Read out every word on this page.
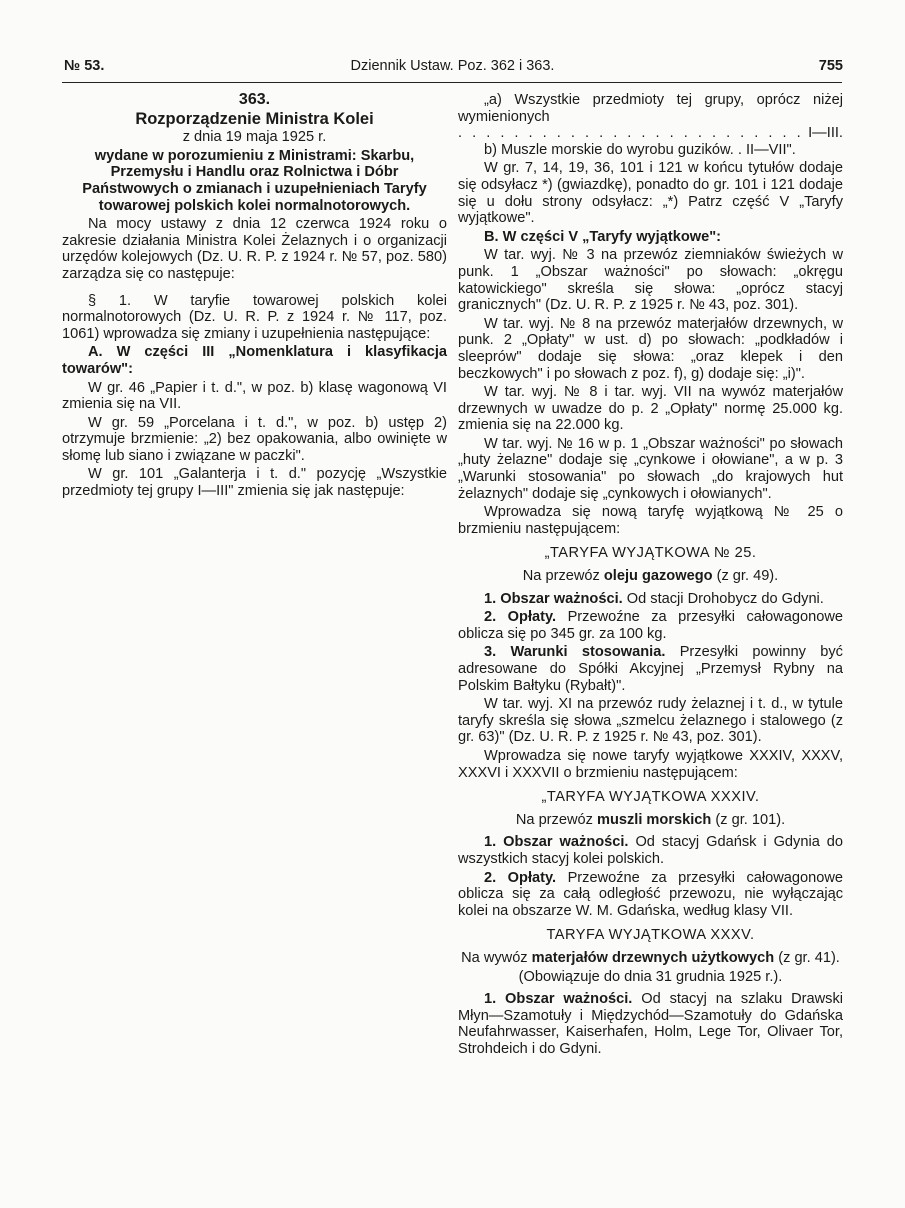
№ 53.	Dziennik Ustaw. Poz. 362 i 363.	755

363.

Rozporządzenie Ministra Kolei

z dnia 19 maja 1925 r.

wydane w porozumieniu z Ministrami: Skarbu, Przemysłu i Handlu oraz Rolnictwa i Dóbr Państwowych o zmianach i uzupełnieniach Taryfy towarowej polskich kolei normalnotorowych.

Na mocy ustawy z dnia 12 czerwca 1924 roku o zakresie działania Ministra Kolei Żelaznych i o organizacji urzędów kolejowych (Dz. U. R. P. z 1924 r. № 57, poz. 580) zarządza się co następuje:

§ 1. W taryfie towarowej polskich kolei normalnotorowych (Dz. U. R. P. z 1924 r. № 117, poz. 1061) wprowadza się zmiany i uzupełnienia następujące:

A. W części III „Nomenklatura i klasyfikacja towarów":

W gr. 46 „Papier i t. d.", w poz. b) klasę wagonową VI zmienia się na VII.

W gr. 59 „Porcelana i t. d.", w poz. b) ustęp 2) otrzymuje brzmienie: „2) bez opakowania, albo owinięte w słomę lub siano i związane w paczki".

W gr. 101 „Galanterja i t. d." pozycję „Wszystkie przedmioty tej grupy I—III" zmienia się jak następuje:

„a) Wszystkie przedmioty tej grupy, oprócz niżej wymienionych
. . .
I—III.

b) Muszle morskie do wyrobu guzików. . II—VII".

W gr. 7, 14, 19, 36, 101 i 121 w końcu tytułów dodaje się odsyłacz *) (gwiazdkę), ponadto do gr. 101 i 121 dodaje się u dołu strony odsyłacz: „*) Patrz część V „Taryfy wyjątkowe".

B. W części V „Taryfy wyjątkowe":

W tar. wyj. № 3 na przewóz ziemniaków świeżych w punk. 1 „Obszar ważności" po słowach: „okręgu katowickiego" skreśla się słowa: „oprócz stacyj granicznych" (Dz. U. R. P. z 1925 r. № 43, poz. 301).

W tar. wyj. № 8 na przewóz materjałów drzewnych, w punk. 2 „Opłaty" w ust. d) po słowach: „podkładów i sleeprów" dodaje się słowa: „oraz klepek i den beczkowych" i po słowach z poz. f), g) dodaje się: „i)".

W tar. wyj. № 8 i tar. wyj. VII na wywóz materjałów drzewnych w uwadze do p. 2 „Opłaty" normę 25.000 kg. zmienia się na 22.000 kg.

W tar. wyj. № 16 w p. 1 „Obszar ważności" po słowach „huty żelazne" dodaje się „cynkowe i ołowiane", a w p. 3 „Warunki stosowania" po słowach „do krajowych hut żelaznych" dodaje się „cynkowych i ołowianych".

Wprowadza się nową taryfę wyjątkową № 25 o brzmieniu następującem:

„TARYFA WYJĄTKOWA № 25.

Na przewóz oleju gazowego (z gr. 49).

1. Obszar ważności. Od stacji Drohobycz do Gdyni.

2. Opłaty. Przewoźne za przesyłki całowagonowe oblicza się po 345 gr. za 100 kg.

3. Warunki stosowania. Przesyłki powinny być adresowane do Spółki Akcyjnej „Przemysł Rybny na Polskim Bałtyku (Rybałt)".

W tar. wyj. XI na przewóz rudy żelaznej i t. d., w tytule taryfy skreśla się słowa „szmelcu żelaznego i stalowego (z gr. 63)" (Dz. U. R. P. z 1925 r. № 43, poz. 301).

Wprowadza się nowe taryfy wyjątkowe XXXIV, XXXV, XXXVI i XXXVII o brzmieniu następującem:

„TARYFA WYJĄTKOWA XXXIV.

Na przewóz muszli morskich (z gr. 101).

1. Obszar ważności. Od stacyj Gdańsk i Gdynia do wszystkich stacyj kolei polskich.

2. Opłaty. Przewoźne za przesyłki całowagonowe oblicza się za całą odległość przewozu, nie wyłączając kolei na obszarze W. M. Gdańska, według klasy VII.

TARYFA WYJĄTKOWA XXXV.

Na wywóz materjałów drzewnych użytkowych (z gr. 41).

(Obowiązuje do dnia 31 grudnia 1925 r.).

1. Obszar ważności. Od stacyj na szlaku Drawski Młyn—Szamotuły i Międzychód—Szamotuły do Gdańska Neufahrwasser, Kaiserhafen, Holm, Lege Tor, Olivaer Tor, Strohdeich i do Gdyni.
